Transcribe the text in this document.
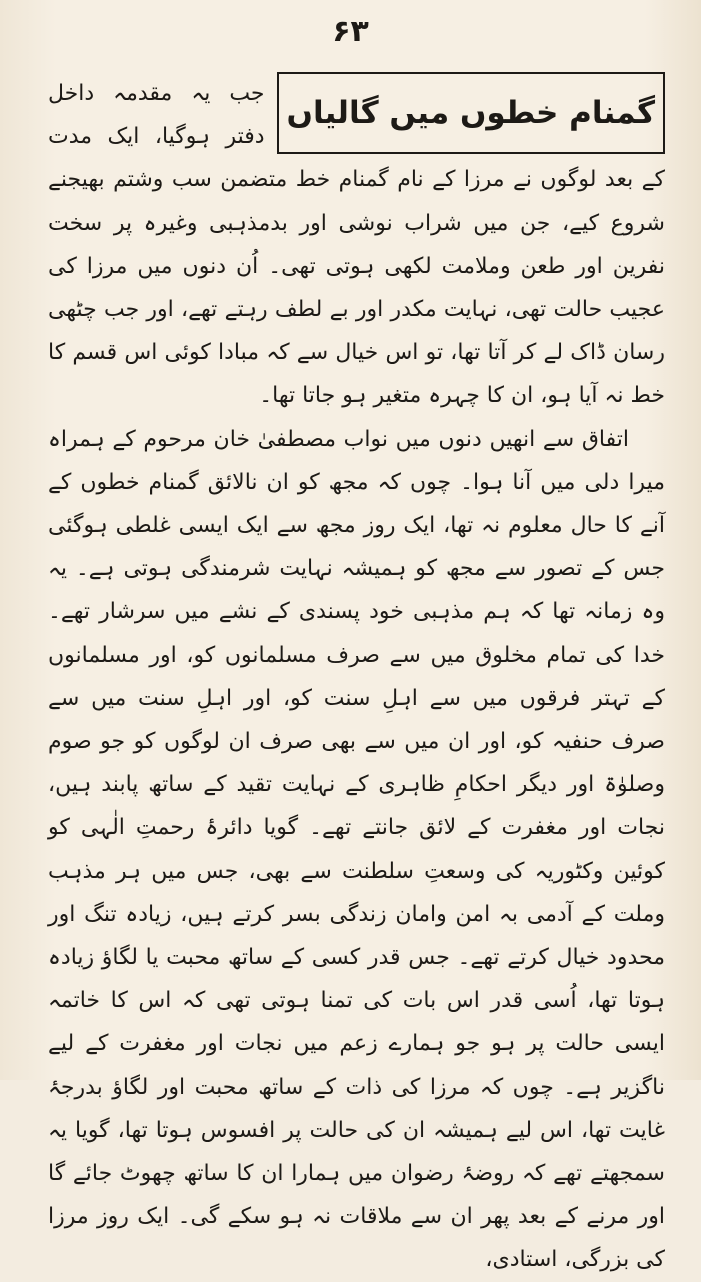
۶۳

گمنام خطوں میں گالیاں
جب یہ مقدمہ داخل دفتر ہوگیا، ایک مدت کے بعد لوگوں نے مرزا کے نام گمنام خط متضمن سب وشتم بھیجنے شروع کیے، جن میں شراب نوشی اور بدمذہبی وغیرہ پر سخت نفرین اور طعن وملامت لکھی ہوتی تھی۔ اُن دنوں میں مرزا کی عجیب حالت تھی، نہایت مکدر اور بے لطف رہتے تھے، اور جب چٹھی رسان ڈاک لے کر آتا تھا، تو اس خیال سے کہ مبادا کوئی اس قسم کا خط نہ آیا ہو، ان کا چہرہ متغیر ہو جاتا تھا۔

اتفاق سے انھیں دنوں میں نواب مصطفیٰ خان مرحوم کے ہمراہ میرا دلی میں آنا ہوا۔ چوں کہ مجھ کو ان نالائق گمنام خطوں کے آنے کا حال معلوم نہ تھا، ایک روز مجھ سے ایک ایسی غلطی ہوگئی جس کے تصور سے مجھ کو ہمیشہ نہایت شرمندگی ہوتی ہے۔ یہ وہ زمانہ تھا کہ ہم مذہبی خود پسندی کے نشے میں سرشار تھے۔ خدا کی تمام مخلوق میں سے صرف مسلمانوں کو، اور مسلمانوں کے تہتر فرقوں میں سے اہلِ سنت کو، اور اہلِ سنت میں سے صرف حنفیہ کو، اور ان میں سے بھی صرف ان لوگوں کو جو صوم وصلوٰۃ اور دیگر احکامِ ظاہری کے نہایت تقید کے ساتھ پابند ہیں، نجات اور مغفرت کے لائق جانتے تھے۔ گویا دائرۂ رحمتِ الٰہی کو کوئین وکٹوریہ کی وسعتِ سلطنت سے بھی، جس میں ہر مذہب وملت کے آدمی بہ امن وامان زندگی بسر کرتے ہیں، زیادہ تنگ اور محدود خیال کرتے تھے۔ جس قدر کسی کے ساتھ محبت یا لگاؤ زیادہ ہوتا تھا، اُسی قدر اس بات کی تمنا ہوتی تھی کہ اس کا خاتمہ ایسی حالت پر ہو جو ہمارے زعم میں نجات اور مغفرت کے لیے ناگزیر ہے۔ چوں کہ مرزا کی ذات کے ساتھ محبت اور لگاؤ بدرجۂ غایت تھا، اس لیے ہمیشہ ان کی حالت پر افسوس ہوتا تھا، گویا یہ سمجھتے تھے کہ روضۂ رضوان میں ہمارا ان کا ساتھ چھوٹ جائے گا اور مرنے کے بعد پھر ان سے ملاقات نہ ہو سکے گی۔ ایک روز مرزا کی بزرگی، استادی،
